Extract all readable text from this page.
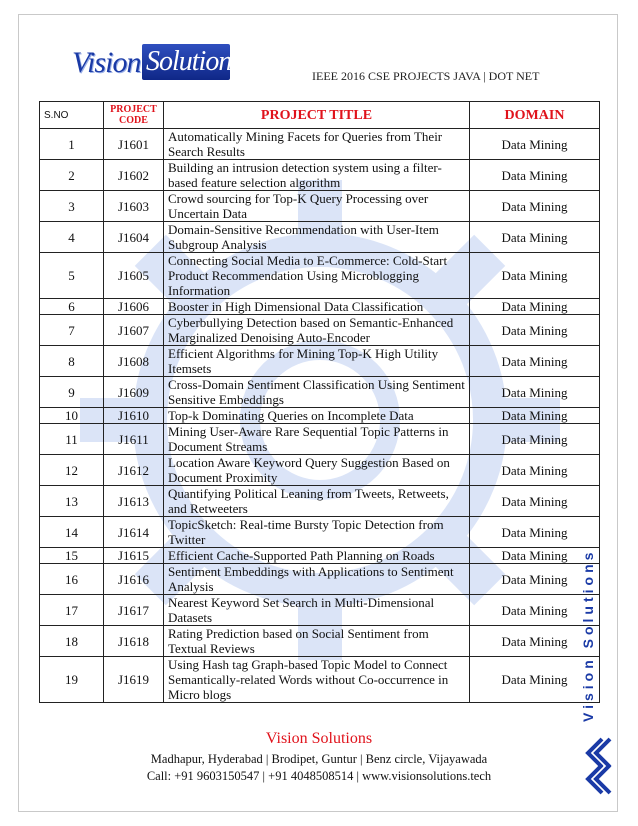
Vision Solutions	IEEE 2016 CSE PROJECTS JAVA | DOT NET
S.NO	PROJECT CODE	PROJECT TITLE	DOMAIN
1	J1601	Automatically Mining Facets for Queries from Their Search Results	Data Mining
2	J1602	Building an intrusion detection system using a filter-based feature selection algorithm	Data Mining
3	J1603	Crowd sourcing for Top-K Query Processing over Uncertain Data	Data Mining
4	J1604	Domain-Sensitive Recommendation with User-Item Subgroup Analysis	Data Mining
5	J1605	Connecting Social Media to E-Commerce: Cold-Start Product Recommendation Using Microblogging Information	Data Mining
6	J1606	Booster in High Dimensional Data Classification	Data Mining
7	J1607	Cyberbullying Detection based on Semantic-Enhanced Marginalized Denoising Auto-Encoder	Data Mining
8	J1608	Efficient Algorithms for Mining Top-K High Utility Itemsets	Data Mining
9	J1609	Cross-Domain Sentiment Classification Using Sentiment Sensitive Embeddings	Data Mining
10	J1610	Top-k Dominating Queries on Incomplete Data	Data Mining
11	J1611	Mining User-Aware Rare Sequential Topic Patterns in Document Streams	Data Mining
12	J1612	Location Aware Keyword Query Suggestion Based on Document Proximity	Data Mining
13	J1613	Quantifying Political Leaning from Tweets, Retweets, and Retweeters	Data Mining
14	J1614	TopicSketch: Real-time Bursty Topic Detection from Twitter	Data Mining
15	J1615	Efficient Cache-Supported Path Planning on Roads	Data Mining
16	J1616	Sentiment Embeddings with Applications to Sentiment Analysis	Data Mining
17	J1617	Nearest Keyword Set Search in Multi-Dimensional Datasets	Data Mining
18	J1618	Rating Prediction based on Social Sentiment from Textual Reviews	Data Mining
19	J1619	Using Hash tag Graph-based Topic Model to Connect Semantically-related Words without Co-occurrence in Micro blogs	Data Mining Vision Solutions
Vision Solutions
Madhapur, Hyderabad | Brodipet, Guntur | Benz circle, Vijayawada
Call: +91 9603150547 | +91 4048508514 | www.visionsolutions.tech
